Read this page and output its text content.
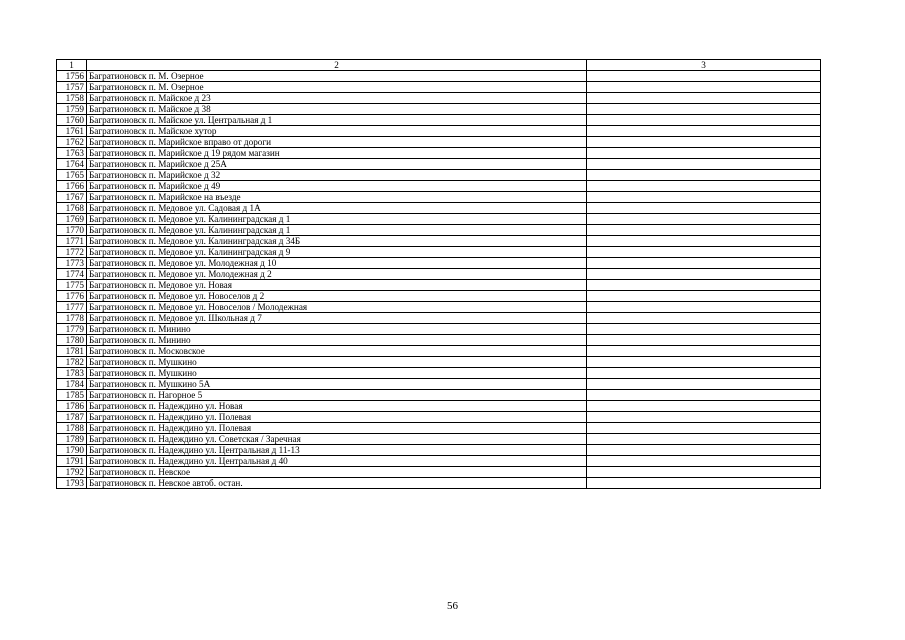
1	2	3
1756	Багратионовск п. М. Озерное	
1757	Багратионовск п. М. Озерное	
1758	Багратионовск п. Майское д 23	
1759	Багратионовск п. Майское д 38	
1760	Багратионовск п. Майское ул. Центральная д 1	
1761	Багратионовск п. Майское хутор	
1762	Багратионовск п. Марийское вправо от дороги	
1763	Багратионовск п. Марийское д 19 рядом магазин	
1764	Багратионовск п. Марийское д 25А	
1765	Багратионовск п. Марийское д 32	
1766	Багратионовск п. Марийское д 49	
1767	Багратионовск п. Марийское на въезде	
1768	Багратионовск п. Медовое ул. Садовая д 1А	
1769	Багратионовск п. Медовое ул. Калининградская д 1	
1770	Багратионовск п. Медовое ул. Калининградская д 1	
1771	Багратионовск п. Медовое ул. Калининградская д 34Б	
1772	Багратионовск п. Медовое ул. Калининградская д 9	
1773	Багратионовск п. Медовое ул. Молодежная д 10	
1774	Багратионовск п. Медовое ул. Молодежная д 2	
1775	Багратионовск п. Медовое ул. Новая	
1776	Багратионовск п. Медовое ул. Новоселов д 2	
1777	Багратионовск п. Медовое ул. Новоселов / Молодежная	
1778	Багратионовск п. Медовое ул. Школьная д 7	
1779	Багратионовск п. Минино	
1780	Багратионовск п. Минино	
1781	Багратионовск п. Московское	
1782	Багратионовск п. Мушкино	
1783	Багратионовск п. Мушкино	
1784	Багратионовск п. Мушкино 5А	
1785	Багратионовск п. Нагорное 5	
1786	Багратионовск п. Надеждино ул. Новая	
1787	Багратионовск п. Надеждино ул. Полевая	
1788	Багратионовск п. Надеждино ул. Полевая	
1789	Багратионовск п. Надеждино ул. Советская / Заречная	
1790	Багратионовск п. Надеждино ул. Центральная д 11-13	
1791	Багратионовск п. Надеждино ул. Центральная д 40	
1792	Багратионовск п. Невское	
1793	Багратионовск п. Невское автоб. остан.	
56
